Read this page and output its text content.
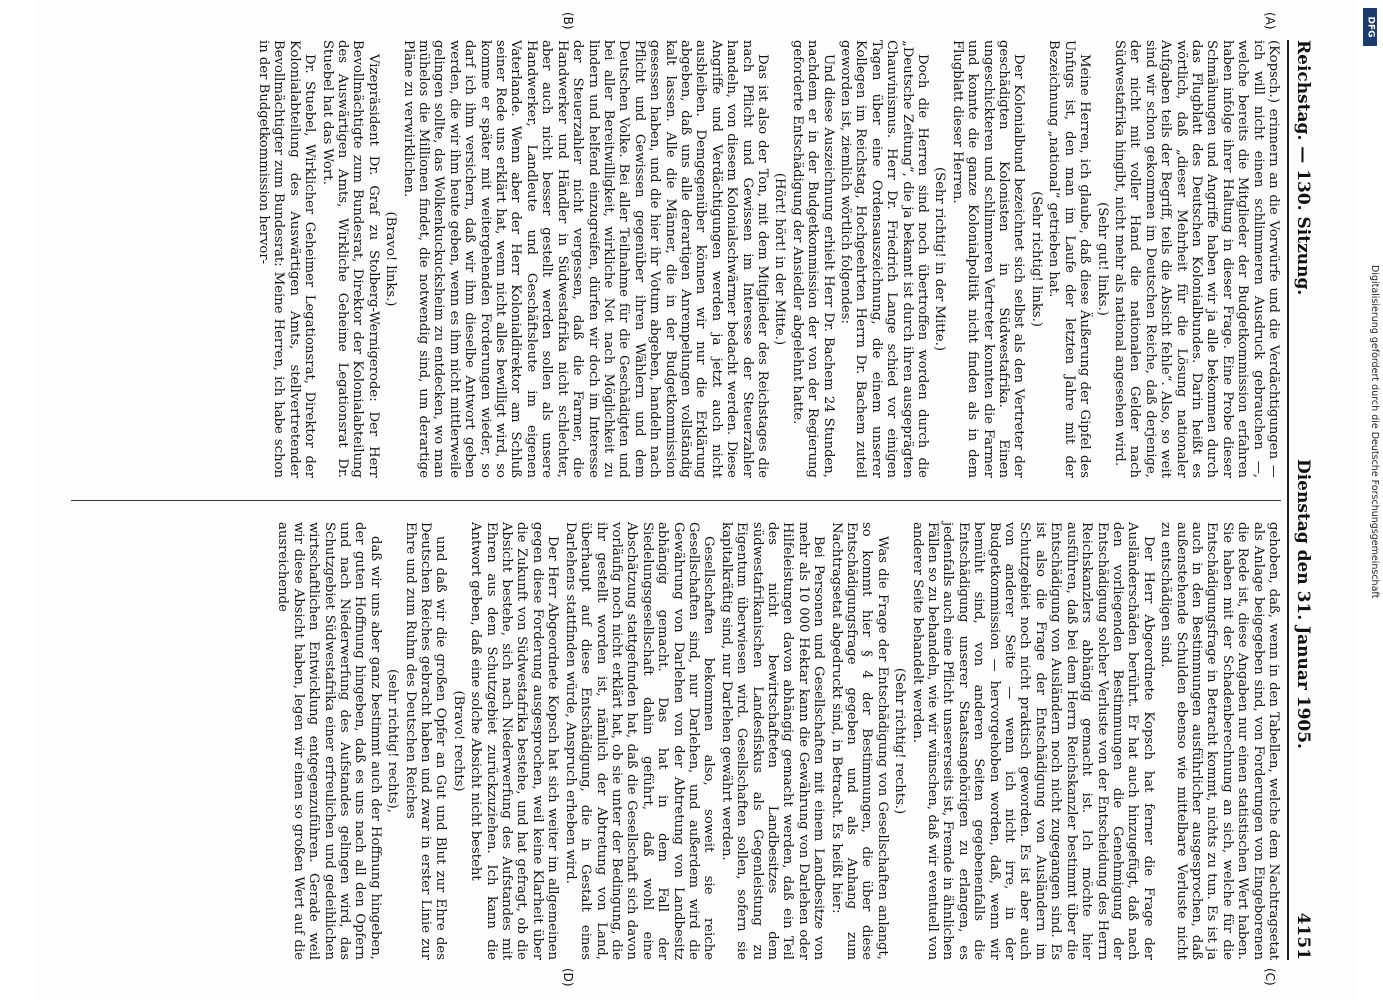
Reichstag. — 130. Sitzung.
Dienstag den 31. Januar 1905.
4151
(A)
(B)
(C)
(D)

(Kopsch.) erinnern an die Vorwürfe und die Verdächtigungen — ich will nicht einen schlimmeren Ausdruck gebrauchen —, welche bereits die Mitglieder der Budgetkommission erfahren haben infolge ihrer Haltung in dieser Frage. Eine Probe dieser Schmähungen und Angriffe haben wir ja alle bekommen durch das Flugblatt des Deutschen Kolonialbundes. Darin heißt es wörtlich, daß „dieser Mehrheit für die Lösung nationaler Aufgaben teils der Begriff, teils die Absicht fehle“. Also, so weit sind wir schon gekommen im Deutschen Reiche, daß derjenige, der nicht mit voller Hand die nationalen Gelder nach Südwestafrika hingibt, nicht mehr als national angesehen wird.

(Sehr gut! links.)

Meine Herren, ich glaube, daß diese Äußerung der Gipfel des Unfugs ist, den man im Laufe der letzten Jahre mit der Bezeichnung „national“ getrieben hat.

(Sehr richtig! links.)

Der Kolonialbund bezeichnet sich selbst als den Vertreter der geschädigten Kolonisten in Südwestafrika. Einen ungeschickteren und schlimmeren Vertreter konnten die Farmer und konnte die ganze Kolonialpolitik nicht finden als in dem Flugblatt dieser Herren.

(Sehr richtig! in der Mitte.)

Doch die Herren sind noch übertroffen worden durch die „Deutsche Zeitung“, die ja bekannt ist durch ihren ausgeprägten Chauvinismus. Herr Dr. Friedrich Lange schied vor einigen Tagen über eine Ordensauszeichnung, die einem unserer Kollegen im Reichstag, Hochgeehrten Herrn Dr. Bachem zuteil geworden ist, ziemlich wörtlich folgendes:

Und diese Auszeichnung erhielt Herr Dr. Bachem 24 Stunden, nachdem er in der Budgetkommission der von der Regierung geforderte Entschädigung der Ansiedler abgelehnt hatte.

(Hört! hört! in der Mitte.)

Das ist also der Ton, mit dem Mitglieder des Reichstages die nach Pflicht und Gewissen im Interesse der Steuerzahler handeln, von diesem Kolonialschwärmer bedacht werden. Diese Angriffe und Verdächtigungen werden ja jetzt auch nicht ausbleiben. Demgegenüber können wir nur die Erklärung abgeben, daß uns alle derartigen Anrempelungen vollständig kalt lassen. Alle die Männer, die in der Budgetkommission gesessen haben, und die hier ihr Votum abgeben, handeln nach Pflicht und Gewissen gegenüber ihren Wählern und dem Deutschen Volke. Bei aller Teilnahme für die Geschädigten und bei aller Bereitwilligkeit, wirkliche Not nach Möglichkeit zu lindern und helfend einzugreifen, dürfen wir doch im Interesse der Steuerzahler nicht vergessen, daß die Farmer, die Handwerker und Händler in Südwestafrika nicht schlechter, aber auch nicht besser gestellt werden sollen als unsere Handwerker, Landleute und Geschäftsleute im eigenen Vaterlande. Wenn aber der Herr Kolonialdirektor am Schluß seiner Rede uns erklärt hat, wenn nicht alles bewilligt wird, so komme er später mit weitergehenden Forderungen wieder, so darf ich ihm versichern, daß wir ihm dieselbe Antwort geben werden, die wir ihm heute geben, wenn es ihm nicht mittlerweile gelingen sollte, das Wolkenkuckucksheim zu entdecken, wo man mühelos die Millionen findet, die notwendig sind, um derartige Pläne zu verwirklichen.

(Bravo! links.)

Vizepräsident Dr. Graf zu Stolberg-Wernigerode: Der Herr Bevollmächtigte zum Bundesrat, Direktor der Kolonialabteilung des Auswärtigen Amts, Wirkliche Geheime Legationsrat Dr. Stuebel hat das Wort.

Dr. Stuebel, Wirklicher Geheimer Legationsrat, Direktor der Kolonialabteilung des Auswärtigen Amts, stellvertretender Bevollmächtigter zum Bundesrat: Meine Herren, ich habe schon in der Budgetkommission hervor-

gehoben, daß, wenn in den Tabellen, welche dem Nachtragsetat als Anlage beigegeben sind, von Forderungen von Eingeborenen die Rede ist, diese Angaben nur einen statistischen Wert haben. Sie haben mit der Schadenberechnung an sich, welche für die Entschädigungsfrage in Betracht kommt, nichts zu tun. Es ist ja auch in den Bestimmungen ausführlicher ausgesprochen, daß außenstehende Schulden ebenso wie mittelbare Verluste nicht zu entschädigen sind.

Der Herr Abgeordnete Kopsch hat ferner die Frage der Ausländerschäden berührt. Er hat auch hinzugefügt, daß nach den vorliegenden Bestimmungen die Genehmigung der Entschädigung solcher Verluste von der Entscheidung des Herrn Reichskanzlers abhängig gemacht ist. Ich möchte hier ausführen, daß bei dem Herrn Reichskanzler bestimmt über die Entschädigung von Ausländern noch nicht zugegangen sind. Es ist also die Frage der Entschädigung von Ausländern im Schutzgebiet noch nicht praktisch geworden. Es ist aber auch von anderer Seite — wenn ich nicht irre, in der Budgetkommission — hervorgehoben worden, daß, wenn wir bemüht sind, von anderen Seiten gegebenenfalls die Entschädigung unserer Staatsangehörigen zu erlangen, es jedenfalls auch eine Pflicht unsererseits ist, Fremde in ähnlichen Fällen so zu behandeln, wie wir wünschen, daß wir eventuell von anderer Seite behandelt werden.

(Sehr richtig! rechts.)

Was die Frage der Entschädigung von Gesellschaften anlangt, so kommt hier § 4 der Bestimmungen, die über diese Entschädigungsfrage gegeben und als Anhang zum Nachtragsetat abgedruckt sind, in Betracht. Es heißt hier:

Bei Personen und Gesellschaften mit einem Landbesitze von mehr als 10 000 Hektar kann die Gewährung von Darlehen oder Hilfeleistungen davon abhängig gemacht werden, daß ein Teil des nicht bewirtschafteten Landbesitzes dem südwestafrikanischen Landesfiskus als Gegenleistung zu Eigentum überwiesen wird. Gesellschaften sollen, sofern sie kapitalkräftig sind, nur Darlehen gewährt werden.

Gesellschaften bekommen also, soweit sie reiche Gesellschaften sind, nur Darlehen, und außerdem wird die Gewährung von Darlehen von der Abtretung von Landbesitz abhängig gemacht. Das hat in dem Fall der Siedelungsgesellschaft dahin geführt, daß wohl eine Abschätzung stattgefunden hat, daß die Gesellschaft sich davon vorläufig noch nicht erklärt hat, ob sie unter der Bedingung, die ihr gestellt worden ist, nämlich der Abtretung von Land, überhaupt auf diese Entschädigung, die in Gestalt eines Darlehens stattfinden würde, Anspruch erheben wird.

Der Herr Abgeordnete Kopsch hat sich weiter im allgemeinen gegen diese Forderung ausgesprochen, weil keine Klarheit über die Zukunft von Südwestafrika bestehe, und hat gefragt, ob die Absicht bestehe, sich nach Niederwerfung des Aufstandes mit Ehren aus dem Schutzgebiet zurückzuziehen. Ich kann die Antwort geben, daß eine solche Absicht nicht besteht

(Bravo! rechts)

und daß wir die großen Opfer an Gut und Blut zur Ehre des Deutschen Reiches gebracht haben und zwar in erster Linie zur Ehre und zum Ruhm des Deutschen Reiches

(sehr richtig! rechts),

daß wir uns aber ganz bestimmt auch der Hoffnung hingeben, der guten Hoffnung hingeben, daß es uns nach all den Opfern und nach Niederwerfung des Aufstandes gelingen wird, das Schutzgebiet Südwestafrika einer erfreulichen und gedeihlichen wirtschaftlichen Entwicklung entgegenzuführen. Gerade weil wir diese Absicht haben, legen wir einen so großen Wert auf die ausreichende

DFG
Digitalisierung gefördert durch die Deutsche Forschungsgemeinschaft
